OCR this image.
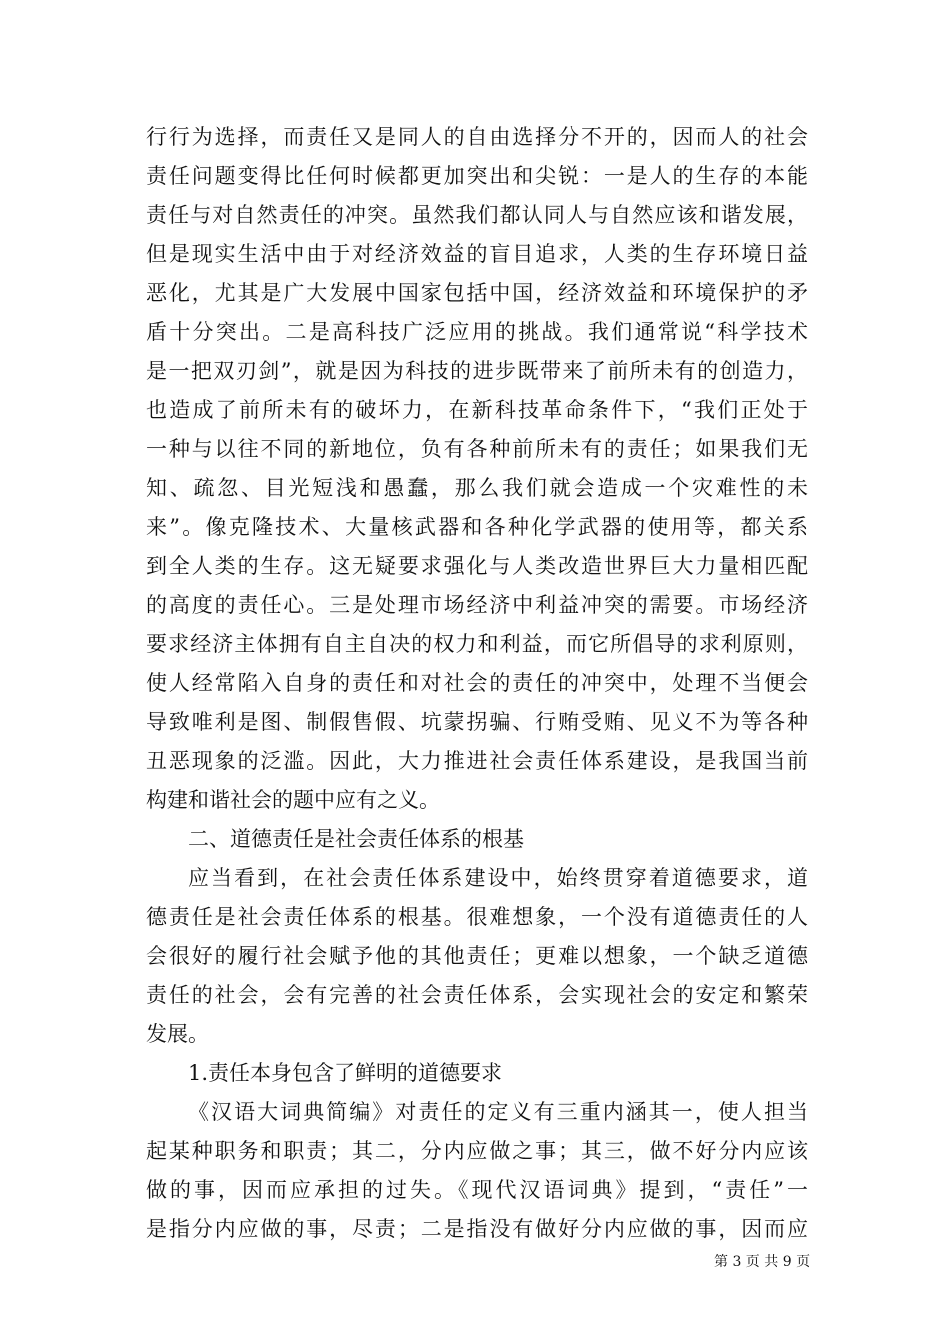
行行为选择，而责任又是同人的自由选择分不开的，因而人的社会
责任问题变得比任何时候都更加突出和尖锐：一是人的生存的本能
责任与对自然责任的冲突。虽然我们都认同人与自然应该和谐发展，
但是现实生活中由于对经济效益的盲目追求，人类的生存环境日益
恶化，尤其是广大发展中国家包括中国，经济效益和环境保护的矛
盾十分突出。二是高科技广泛应用的挑战。我们通常说“科学技术
是一把双刃剑”，就是因为科技的进步既带来了前所未有的创造力，
也造成了前所未有的破坏力，在新科技革命条件下，“我们正处于
一种与以往不同的新地位，负有各种前所未有的责任；如果我们无
知、疏忽、目光短浅和愚蠢，那么我们就会造成一个灾难性的未
来”。像克隆技术、大量核武器和各种化学武器的使用等，都关系
到全人类的生存。这无疑要求强化与人类改造世界巨大力量相匹配
的高度的责任心。三是处理市场经济中利益冲突的需要。市场经济
要求经济主体拥有自主自决的权力和利益，而它所倡导的求利原则，
使人经常陷入自身的责任和对社会的责任的冲突中，处理不当便会
导致唯利是图、制假售假、坑蒙拐骗、行贿受贿、见义不为等各种
丑恶现象的泛滥。因此，大力推进社会责任体系建设，是我国当前
构建和谐社会的题中应有之义。
二、道德责任是社会责任体系的根基
应当看到，在社会责任体系建设中，始终贯穿着道德要求，道
德责任是社会责任体系的根基。很难想象，一个没有道德责任的人
会很好的履行社会赋予他的其他责任；更难以想象，一个缺乏道德
责任的社会，会有完善的社会责任体系，会实现社会的安定和繁荣
发展。
1.责任本身包含了鲜明的道德要求
《汉语大词典简编》对责任的定义有三重内涵其一，使人担当
起某种职务和职责；其二，分内应做之事；其三，做不好分内应该
做的事，因而应承担的过失。《现代汉语词典》提到，“责任”一
是指分内应做的事，尽责；二是指没有做好分内应做的事，因而应
第 3 页 共 9 页
